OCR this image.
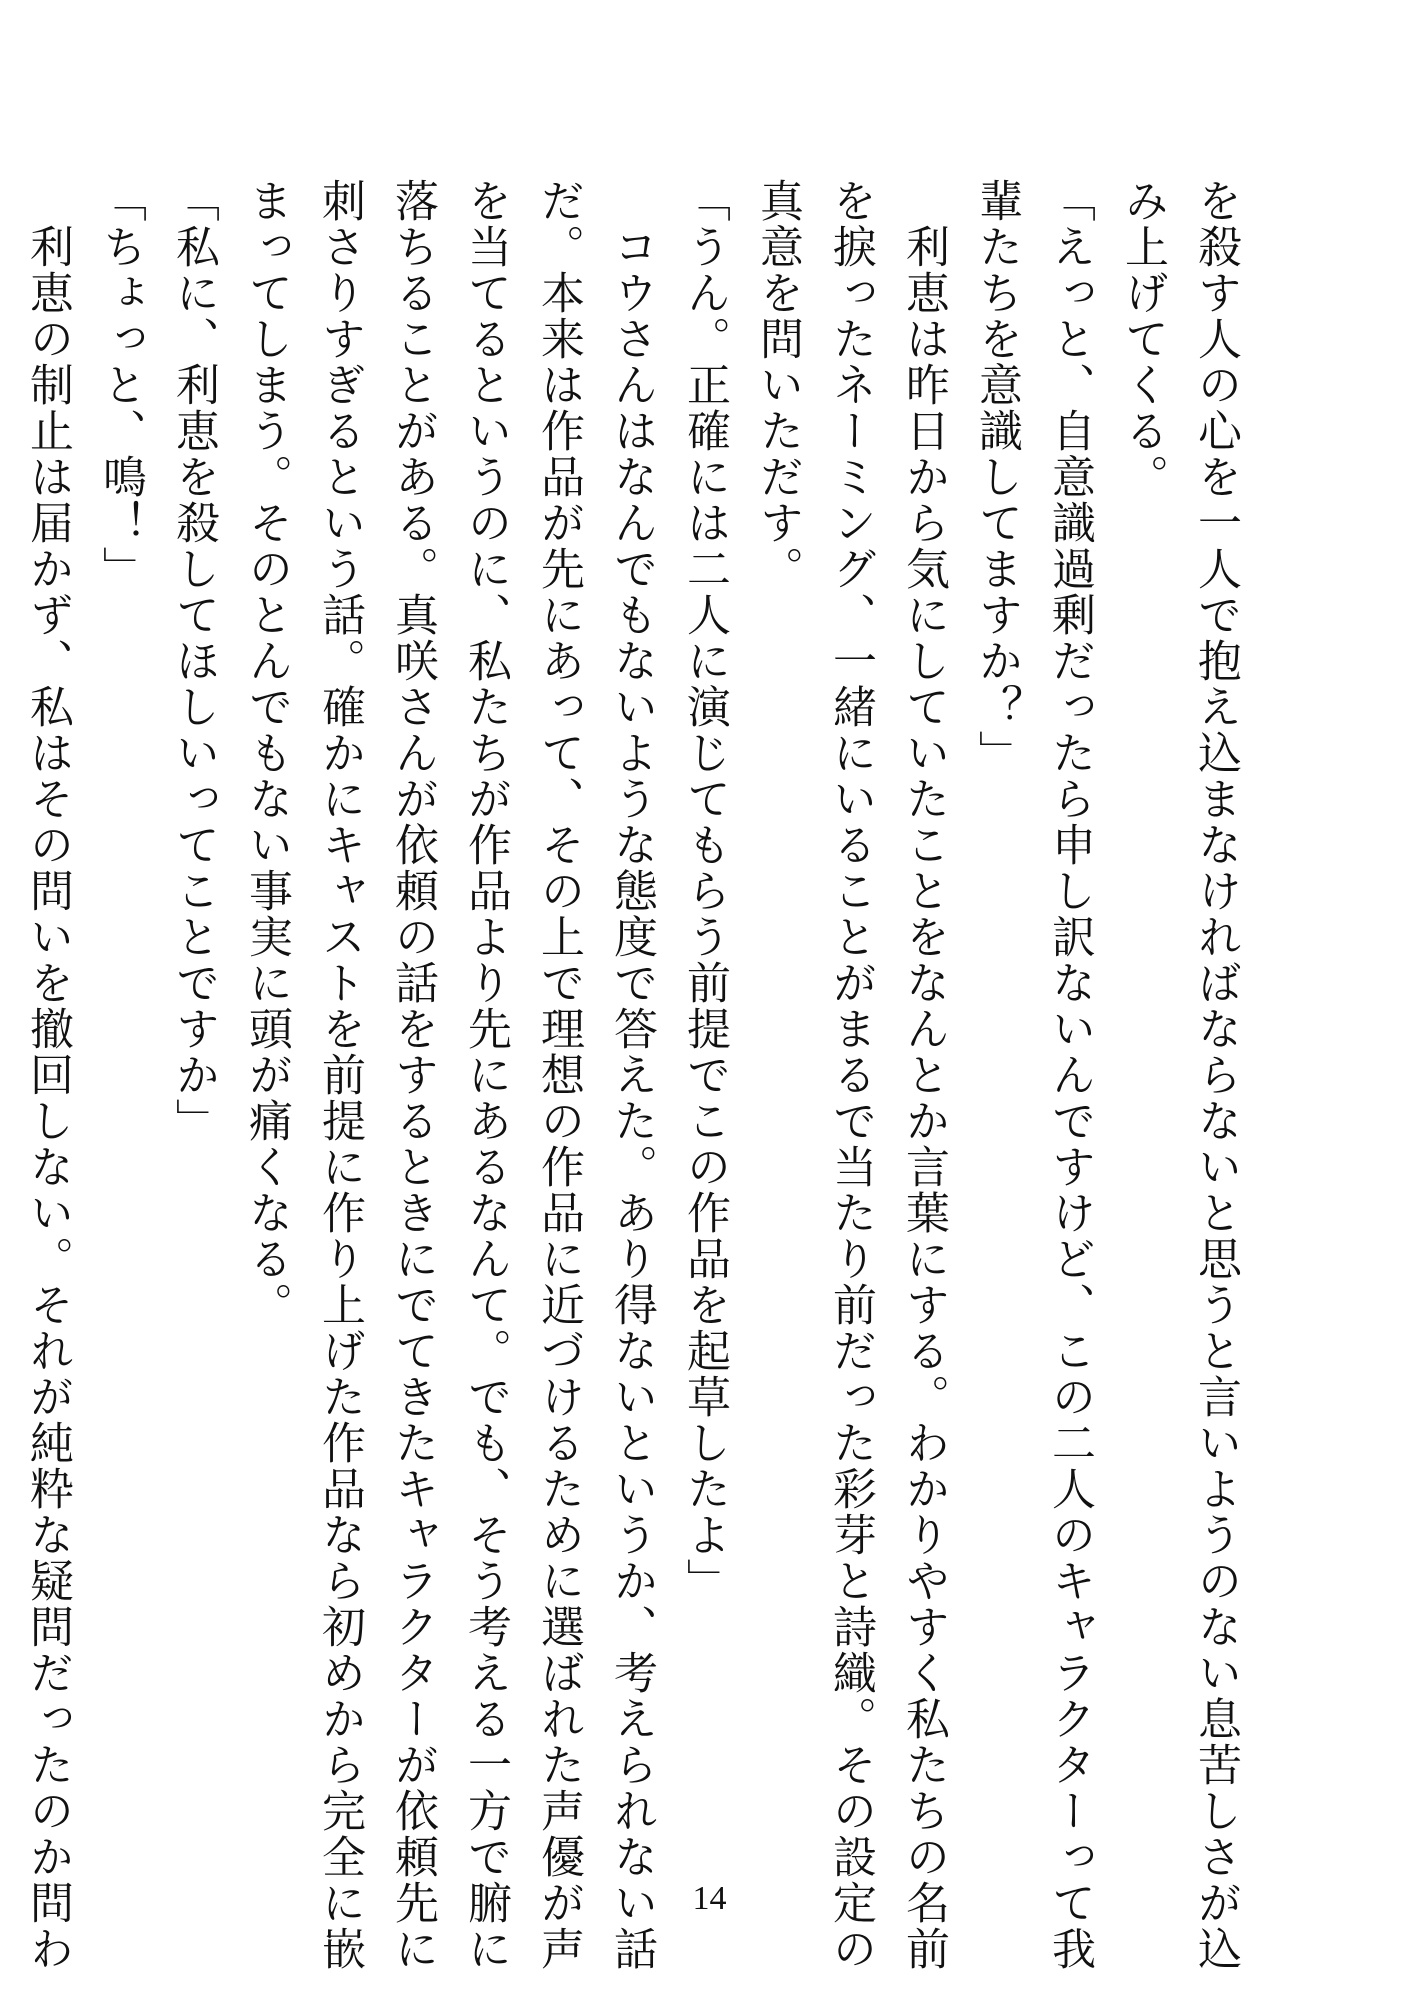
を殺す人の心を一人で抱え込まなければならないと思うと言いようのない息苦しさが込
み上げてくる。
「えっと、自意識過剰だったら申し訳ないんですけど、この二人のキャラクターって我
輩たちを意識してますか？」
　利恵は昨日から気にしていたことをなんとか言葉にする。わかりやすく私たちの名前
を捩ったネーミング、一緒にいることがまるで当たり前だった彩芽と詩織。その設定の
真意を問いただす。
「うん。正確には二人に演じてもらう前提でこの作品を起草したよ」
　コウさんはなんでもないような態度で答えた。あり得ないというか、考えられない話
だ。本来は作品が先にあって、その上で理想の作品に近づけるために選ばれた声優が声
を当てるというのに、私たちが作品より先にあるなんて。でも、そう考える一方で腑に
落ちることがある。真咲さんが依頼の話をするときにでてきたキャラクターが依頼先に
刺さりすぎるという話。確かにキャストを前提に作り上げた作品なら初めから完全に嵌
まってしまう。そのとんでもない事実に頭が痛くなる。
「私に、利恵を殺してほしいってことですか」
「ちょっと、鳴！」
　利恵の制止は届かず、私はその問いを撤回しない。それが純粋な疑問だったのか問わ	14
